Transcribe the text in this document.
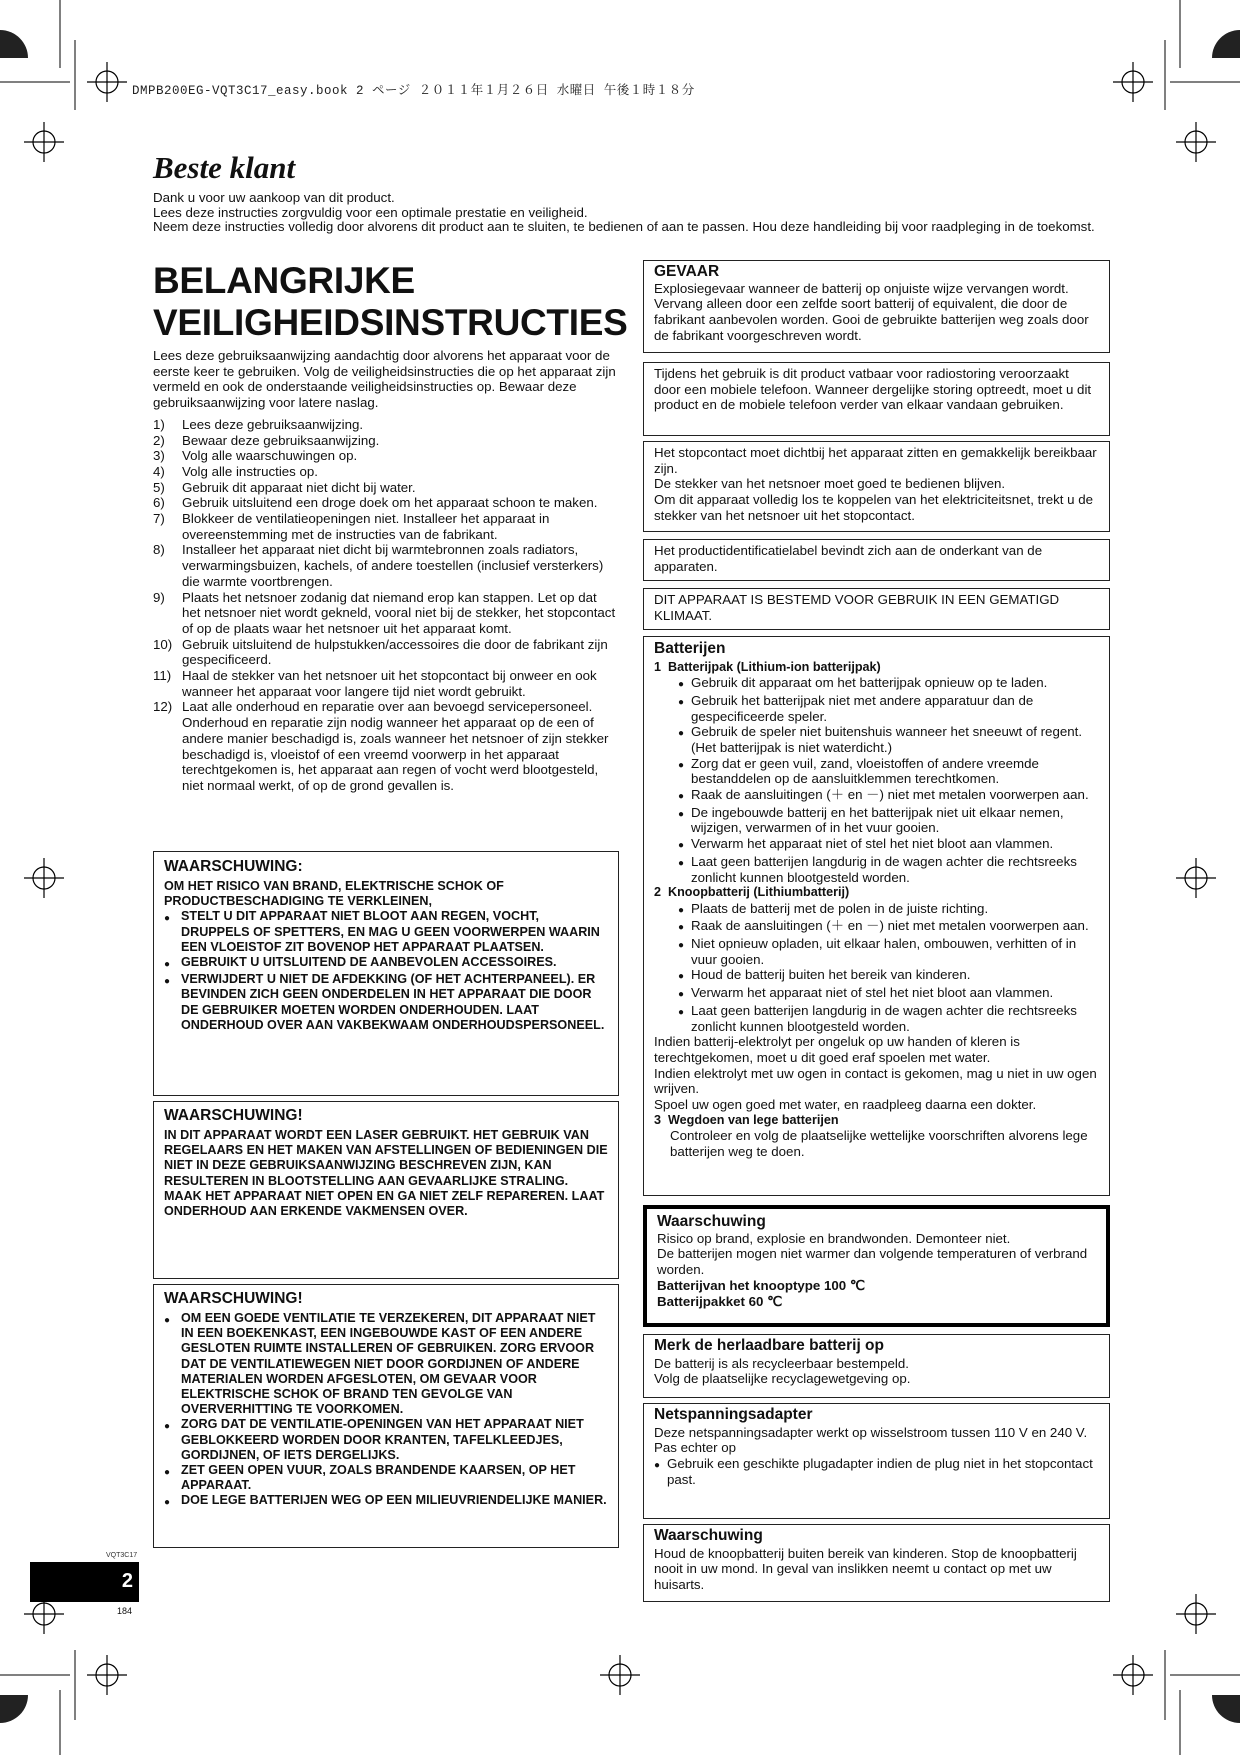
DMPB200EG-VQT3C17_easy.book 2 ページ ２０１１年１月２６日 水曜日 午後１時１８分
Beste klant
Dank u voor uw aankoop van dit product.
Lees deze instructies zorgvuldig voor een optimale prestatie en veiligheid.
Neem deze instructies volledig door alvorens dit product aan te sluiten, te bedienen of aan te passen. Hou deze handleiding bij voor raadpleging in de toekomst.
BELANGRIJKE
VEILIGHEIDSINSTRUCTIES

Lees deze gebruiksaanwijzing aandachtig door alvorens het apparaat voor de eerste keer te gebruiken. Volg de veiligheidsinstructies die op het apparaat zijn vermeld en ook de onderstaande veiligheidsinstructies op. Bewaar deze gebruiksaanwijzing voor latere naslag.

1)	Lees deze gebruiksaanwijzing.
2)	Bewaar deze gebruiksaanwijzing.
3)	Volg alle waarschuwingen op.
4)	Volg alle instructies op.
5)	Gebruik dit apparaat niet dicht bij water.
6)	Gebruik uitsluitend een droge doek om het apparaat schoon te maken.
7)	Blokkeer de ventilatieopeningen niet. Installeer het apparaat in overeenstemming met de instructies van de fabrikant.
8)	Installeer het apparaat niet dicht bij warmtebronnen zoals radiators, verwarmingsbuizen, kachels, of andere toestellen (inclusief versterkers) die warmte voortbrengen.
9)	Plaats het netsnoer zodanig dat niemand erop kan stappen. Let op dat het netsnoer niet wordt geknеld, vooral niet bij de stekker, het stopcontact of op de plaats waar het netsnoer uit het apparaat komt.
10) Gebruik uitsluitend de hulpstukken/accessoires die door de fabrikant zijn gespecificeerd.
11) Haal de stekker van het netsnoer uit het stopcontact bij onweer en ook wanneer het apparaat voor langere tijd niet wordt gebruikt.
12) Laat alle onderhoud en reparatie over aan bevoegd servicepersoneel. Onderhoud en reparatie zijn nodig wanneer het apparaat op de een of andere manier beschadigd is, zoals wanneer het netsnoer of zijn stekker beschadigd is, vloeistof of een vreemd voorwerp in het apparaat terechtgekomen is, het apparaat aan regen of vocht werd blootgesteld, niet normaal werkt, of op de grond gevallen is.
WAARSCHUWING:
OM HET RISICO VAN BRAND, ELEKTRISCHE SCHOK OF PRODUCTBESCHADIGING TE VERKLEINEN,
● STELT U DIT APPARAAT NIET BLOOT AAN REGEN, VOCHT, DRUPPELS OF SPETTERS, EN MAG U GEEN VOORWERPEN WAARIN EEN VLOEISTOF ZIT BOVENOP HET APPARAAT PLAATSEN.
● GEBRUIKT U UITSLUITEND DE AANBEVOLEN ACCESSOIRES.
● VERWIJDERT U NIET DE AFDEKKING (OF HET ACHTERPANEEL). ER BEVINDEN ZICH GEEN ONDERDELEN IN HET APPARAAT DIE DOOR DE GEBRUIKER MOETEN WORDEN ONDERHOUDEN. LAAT ONDERHOUD OVER AAN VAKBEKWAAM ONDERHOUDSPERSONEEL.
WAARSCHUWING!
IN DIT APPARAAT WORDT EEN LASER GEBRUIKT. HET GEBRUIK VAN REGELAARS EN HET MAKEN VAN AFSTELLINGEN OF BEDIENINGEN DIE NIET IN DEZE GEBRUIKSAANWIJZING BESCHREVEN ZIJN, KAN RESULTEREN IN BLOOTSTELLING AAN GEVAARLIJKE STRALING.
MAAK HET APPARAAT NIET OPEN EN GA NIET ZELF REPAREREN. LAAT ONDERHOUD AAN ERKENDE VAKMENSEN OVER.
WAARSCHUWING!
● OM EEN GOEDE VENTILATIE TE VERZEKEREN, DIT APPARAAT NIET IN EEN BOEKENKAST, EEN INGEBOUWDE KAST OF EEN ANDERE GESLOTEN RUIMTE INSTALLEREN OF GEBRUIKEN. ZORG ERVOOR DAT DE VENTILATIEWEGEN NIET DOOR GORDIJNEN OF ANDERE MATERIALEN WORDEN AFGESLOTEN, OM GEVAAR VOOR ELEKTRISCHE SCHOK OF BRAND TEN GEVOLGE VAN OVERVERHITTING TE VOORKOMEN.
● ZORG DAT DE VENTILATIE-OPENINGEN VAN HET APPARAAT NIET GEBLOKKEERD WORDEN DOOR KRANTEN, TAFELKLEEDJES, GORDIJNEN, OF IETS DERGELIJKS.
● ZET GEEN OPEN VUUR, ZOALS BRANDENDE KAARSEN, OP HET APPARAAT.
● DOE LEGE BATTERIJEN WEG OP EEN MILIEUVRIENDELIJKE MANIER.
GEVAAR
Explosiegevaar wanneer de batterij op onjuiste wijze vervangen wordt. Vervang alleen door een zelfde soort batterij of equivalent, die door de fabrikant aanbevolen worden. Gooi de gebruikte batterijen weg zoals door de fabrikant voorgeschreven wordt.
Tijdens het gebruik is dit product vatbaar voor radiostoring veroorzaakt door een mobiele telefoon. Wanneer dergelijke storing optreedt, moet u dit product en de mobiele telefoon verder van elkaar vandaan gebruiken.
Het stopcontact moet dichtbij het apparaat zitten en gemakkelijk bereikbaar zijn.
De stekker van het netsnoer moet goed te bedienen blijven.
Om dit apparaat volledig los te koppelen van het elektriciteitsnet, trekt u de stekker van het netsnoer uit het stopcontact.
Het productidentificatielabel bevindt zich aan de onderkant van de apparaten.
DIT APPARAAT IS BESTEMD VOOR GEBRUIK IN EEN GEMATIGD KLIMAAT.
Batterijen
1 Batterijpak (Lithium-ion batterijpak)
● Gebruik dit apparaat om het batterijpak opnieuw op te laden.
● Gebruik het batterijpak niet met andere apparatuur dan de gespecificeerde speler.
● Gebruik de speler niet buitenshuis wanneer het sneeuwt of regent. (Het batterijpak is niet waterdicht.)
● Zorg dat er geen vuil, zand, vloeistoffen of andere vreemde bestanddelen op de aansluitklemmen terechtkomen.
● Raak de aansluitingen (＋ en －) niet met metalen voorwerpen aan.
● De ingebouwde batterij en het batterijpak niet uit elkaar nemen, wijzigen, verwarmen of in het vuur gooien.
● Verwarm het apparaat niet of stel het niet bloot aan vlammen.
● Laat geen batterijen langdurig in de wagen achter die rechtsreeks zonlicht kunnen blootgesteld worden.
2 Knoopbatterij (Lithiumbatterij)
● Plaats de batterij met de polen in de juiste richting.
● Raak de aansluitingen (＋ en －) niet met metalen voorwerpen aan.
● Niet opnieuw opladen, uit elkaar halen, ombouwen, verhitten of in vuur gooien.
● Houd de batterij buiten het bereik van kinderen.
● Verwarm het apparaat niet of stel het niet bloot aan vlammen.
● Laat geen batterijen langdurig in de wagen achter die rechtsreeks zonlicht kunnen blootgesteld worden.
Indien batterij-elektrolyt per ongeluk op uw handen of kleren is terechtgekomen, moet u dit goed eraf spoelen met water.
Indien elektrolyt met uw ogen in contact is gekomen, mag u niet in uw ogen wrijven.
Spoel uw ogen goed met water, en raadpleeg daarna een dokter.
3 Wegdoen van lege batterijen
Controleer en volg de plaatselijke wettelijke voorschriften alvorens lege batterijen weg te doen.
Waarschuwing
Risico op brand, explosie en brandwonden. Demonteer niet.
De batterijen mogen niet warmer dan volgende temperaturen of verbrand worden.
Batterijvan het knooptype 100 ℃
Batterijpakket 60 ℃
Merk de herlaadbare batterij op
De batterij is als recycleerbaar bestempeld.
Volg de plaatselijke recyclagewetgeving op.
Netspanningsadapter
Deze netspanningsadapter werkt op wisselstroom tussen 110 V en 240 V.
Pas echter op
● Gebruik een geschikte plugadapter indien de plug niet in het stopcontact past.
Waarschuwing
Houd de knoopbatterij buiten bereik van kinderen. Stop de knoopbatterij nooit in uw mond. In geval van inslikken neemt u contact op met uw huisarts.
VQT3C17
2
184
